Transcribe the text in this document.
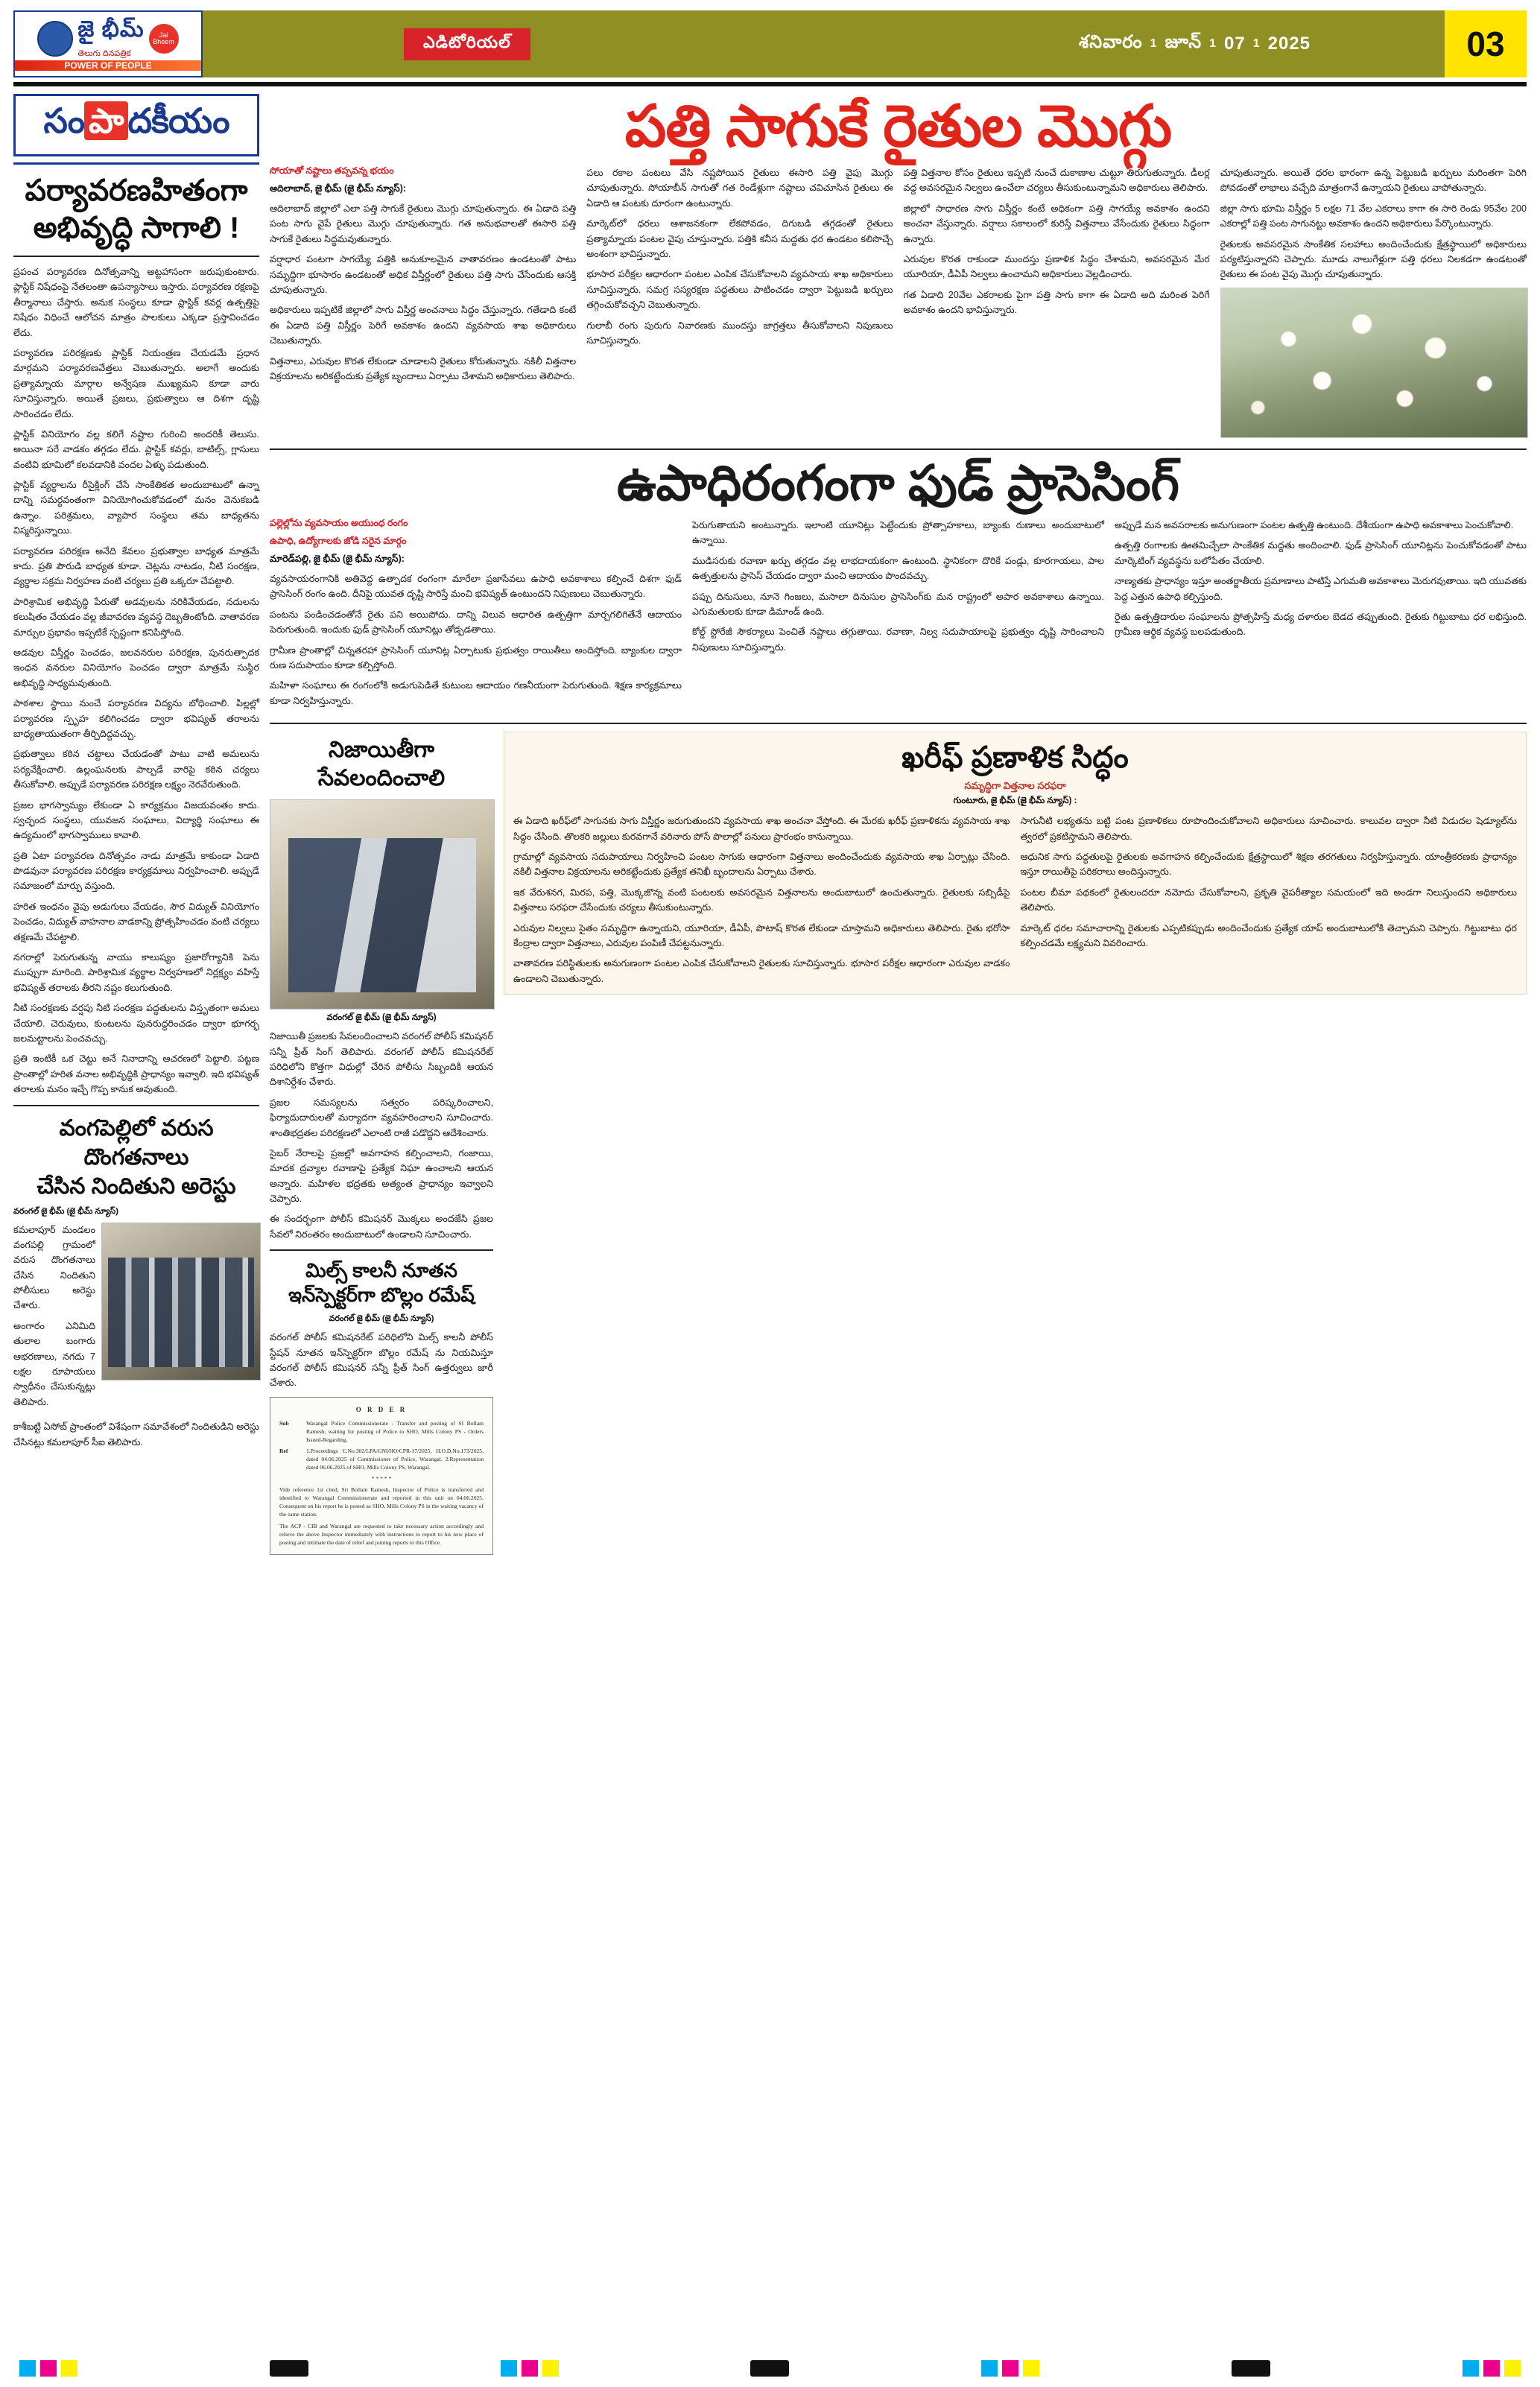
జై భీమ్
తెలుగు దినపత్రిక
Jai Bheem
POWER OF PEOPLE
ఎడిటోరియల్	శనివారం 1 జూన్ 1 07 1 2025	03
సం పా దకీయం
పర్యావరణహితంగా అభివృద్ధి సాగాలి !

ప్రపంచ పర్యావరణ దినోత్సవాన్ని అట్టహాసంగా జరుపుకుంటారు. ప్లాస్టిక్ నిషేధంపై నేతలంతా ఉపన్యాసాలు ఇస్తారు. పర్యావరణ రక్షణపై తీర్మానాలు చేస్తారు. అనుక సంస్థలు కూడా ప్లాస్టిక్ కవర్ల ఉత్పత్తిపై నిషేధం విధించే ఆలోచన మాత్రం పాలకులు ఎక్కడా ప్రస్తావించడం లేదు.

పర్యావరణ పరిరక్షణకు ప్లాస్టిక్ నియంత్రణ చేయడమే ప్రధాన మార్గమని పర్యావరణవేత్తలు చెబుతున్నారు. అలాగే అందుకు ప్రత్యామ్నాయ మార్గాల అన్వేషణ ముఖ్యమని కూడా వారు సూచిస్తున్నారు. అయితే ప్రజలు, ప్రభుత్వాలు ఆ దిశగా దృష్టి సారించడం లేదు.

ప్లాస్టిక్ వినియోగం వల్ల కలిగే నష్టాల గురించి అందరికీ తెలుసు. అయినా సరే వాడకం తగ్గడం లేదు. ప్లాస్టిక్ కవర్లు, బాటిల్స్, గ్లాసులు వంటివి భూమిలో కలవడానికి వందల ఏళ్ళు పడుతుంది.

ప్లాస్టిక్ వ్యర్థాలను రీసైక్లింగ్ చేసే సాంకేతికత అందుబాటులో ఉన్నా దాన్ని సమర్థవంతంగా వినియోగించుకోవడంలో మనం వెనుకబడి ఉన్నాం. పరిశ్రమలు, వ్యాపార సంస్థలు తమ బాధ్యతను విస్మరిస్తున్నాయి.

పర్యావరణ పరిరక్షణ అనేది కేవలం ప్రభుత్వాల బాధ్యత మాత్రమే కాదు. ప్రతి పౌరుడి బాధ్యత కూడా. చెట్లను నాటడం, నీటి సంరక్షణ, వ్యర్థాల సక్రమ నిర్వహణ వంటి చర్యలు ప్రతి ఒక్కరూ చేపట్టాలి.

పారిశ్రామిక అభివృద్ధి పేరుతో అడవులను నరికివేయడం, నదులను కలుషితం చేయడం వల్ల జీవావరణ వ్యవస్థ దెబ్బతింటోంది. వాతావరణ మార్పుల ప్రభావం ఇప్పటికే స్పష్టంగా కనిపిస్తోంది.

అడవుల విస్తీర్ణం పెంచడం, జలవనరుల పరిరక్షణ, పునరుత్పాదక ఇంధన వనరుల వినియోగం పెంచడం ద్వారా మాత్రమే సుస్థిర అభివృద్ధి సాధ్యమవుతుంది.

పాఠశాల స్థాయి నుంచే పర్యావరణ విద్యను బోధించాలి. పిల్లల్లో పర్యావరణ స్పృహ కలిగించడం ద్వారా భవిష్యత్ తరాలను బాధ్యతాయుతంగా తీర్చిదిద్దవచ్చు.

ప్రభుత్వాలు కఠిన చట్టాలు చేయడంతో పాటు వాటి అమలును పర్యవేక్షించాలి. ఉల్లంఘనలకు పాల్పడే వారిపై కఠిన చర్యలు తీసుకోవాలి. అప్పుడే పర్యావరణ పరిరక్షణ లక్ష్యం నెరవేరుతుంది.

ప్రజల భాగస్వామ్యం లేకుండా ఏ కార్యక్రమం విజయవంతం కాదు. స్వచ్ఛంద సంస్థలు, యువజన సంఘాలు, విద్యార్థి సంఘాలు ఈ ఉద్యమంలో భాగస్వాములు కావాలి.

ప్రతి ఏటా పర్యావరణ దినోత్సవం నాడు మాత్రమే కాకుండా ఏడాది పొడవునా పర్యావరణ పరిరక్షణ కార్యక్రమాలు నిర్వహించాలి. అప్పుడే సమాజంలో మార్పు వస్తుంది.

హరిత ఇంధనం వైపు అడుగులు వేయడం, సౌర విద్యుత్ వినియోగం పెంచడం, విద్యుత్ వాహనాల వాడకాన్ని ప్రోత్సహించడం వంటి చర్యలు తక్షణమే చేపట్టాలి.

నగరాల్లో పెరుగుతున్న వాయు కాలుష్యం ప్రజారోగ్యానికి పెను ముప్పుగా మారింది. పారిశ్రామిక వ్యర్థాల నిర్వహణలో నిర్లక్ష్యం వహిస్తే భవిష్యత్ తరాలకు తీరని నష్టం కలుగుతుంది.

నీటి సంరక్షణకు వర్షపు నీటి సంరక్షణ పద్ధతులను విస్తృతంగా అమలు చేయాలి. చెరువులు, కుంటలను పునరుద్ధరించడం ద్వారా భూగర్భ జలమట్టాలను పెంచవచ్చు.

ప్రతి ఇంటికీ ఒక చెట్టు అనే నినాదాన్ని ఆచరణలో పెట్టాలి. పట్టణ ప్రాంతాల్లో హరిత వనాల అభివృద్ధికి ప్రాధాన్యం ఇవ్వాలి. ఇది భవిష్యత్ తరాలకు మనం ఇచ్చే గొప్ప కానుక అవుతుంది.

వంగపెల్లిలో వరుస దొంగతనాలు
చేసిన నిందితుని అరెస్టు
వరంగల్ జై భీమ్ (జై భీమ్ న్యూస్)

కమలాపూర్ మండలం వంగపల్లి గ్రామంలో వరుస దొంగతనాలు చేసిన నిందితుని పోలీసులు అరెస్టు చేశారు.

అంగారం ఎనిమిది తులాల బంగారు ఆభరణాలు, నగదు 7 లక్షల రూపాయలు స్వాధీనం చేసుకున్నట్లు తెలిపారు.

కాశీబట్టి ఏసోబ్ ప్రాంతంలో విశేషంగా సమావేశంలో నిందితుడిని అరెస్టు చేసినట్లు కమలాపూర్ సీఐ తెలిపారు.

పత్తి సాగుకే రైతుల మొగ్గు
సోయాతో నష్టాలు తప్పవన్న భయం
ఆదిలాబాద్, జై భీమ్ (జై భీమ్ న్యూస్):

ఆదిలాబాద్ జిల్లాలో ఎలా పత్తి సాగుకే రైతులు మొగ్గు చూపుతున్నారు. ఈ ఏడాది పత్తి పంట సాగు వైపే రైతులు మొగ్గు చూపుతున్నారు. గత అనుభవాలతో ఈసారి పత్తి సాగుకే రైతులు సిద్ధమవుతున్నారు.

వర్షాధార పంటగా సాగయ్యే పత్తికి అనుకూలమైన వాతావరణం ఉండటంతో పాటు సమృద్ధిగా భూసారం ఉండటంతో అధిక విస్తీర్ణంలో రైతులు పత్తి సాగు చేసేందుకు ఆసక్తి చూపుతున్నారు.

అధికారులు ఇప్పటికే జిల్లాలో సాగు విస్తీర్ణ అంచనాలు సిద్ధం చేస్తున్నారు. గతేడాది కంటే ఈ ఏడాది పత్తి విస్తీర్ణం పెరిగే అవకాశం ఉందని వ్యవసాయ శాఖ అధికారులు చెబుతున్నారు.

విత్తనాలు, ఎరువుల కొరత లేకుండా చూడాలని రైతులు కోరుతున్నారు. నకిలీ విత్తనాల విక్రయాలను అరికట్టేందుకు ప్రత్యేక బృందాలు ఏర్పాటు చేశామని అధికారులు తెలిపారు.

పలు రకాల పంటలు వేసి నష్టపోయిన రైతులు ఈసారి పత్తి వైపు మొగ్గు చూపుతున్నారు. సోయాబీన్ సాగుతో గత రెండేళ్లుగా నష్టాలు చవిచూసిన రైతులు ఈ ఏడాది ఆ పంటకు దూరంగా ఉంటున్నారు.

మార్కెట్‌లో ధరలు ఆశాజనకంగా లేకపోవడం, దిగుబడి తగ్గడంతో రైతులు ప్రత్యామ్నాయ పంటల వైపు చూస్తున్నారు. పత్తికి కనీస మద్దతు ధర ఉండటం కలిసొచ్చే అంశంగా భావిస్తున్నారు.

భూసార పరీక్షల ఆధారంగా పంటల ఎంపిక చేసుకోవాలని వ్యవసాయ శాఖ అధికారులు సూచిస్తున్నారు. సమగ్ర సస్యరక్షణ పద్ధతులు పాటించడం ద్వారా పెట్టుబడి ఖర్చులు తగ్గించుకోవచ్చని చెబుతున్నారు.

గులాబీ రంగు పురుగు నివారణకు ముందస్తు జాగ్రత్తలు తీసుకోవాలని నిపుణులు సూచిస్తున్నారు.

పత్తి విత్తనాల కోసం రైతులు ఇప్పటి నుంచే దుకాణాల చుట్టూ తిరుగుతున్నారు. డీలర్ల వద్ద అవసరమైన నిల్వలు ఉంచేలా చర్యలు తీసుకుంటున్నామని అధికారులు తెలిపారు.

జిల్లాలో సాధారణ సాగు విస్తీర్ణం కంటే అధికంగా పత్తి సాగయ్యే అవకాశం ఉందని అంచనా వేస్తున్నారు. వర్షాలు సకాలంలో కురిస్తే విత్తనాలు వేసేందుకు రైతులు సిద్ధంగా ఉన్నారు.

ఎరువుల కొరత రాకుండా ముందస్తు ప్రణాళిక సిద్ధం చేశామని, అవసరమైన మేర యూరియా, డీఏపీ నిల్వలు ఉంచామని అధికారులు వెల్లడించారు.

గత ఏడాది 20వేల ఎకరాలకు పైగా పత్తి సాగు కాగా ఈ ఏడాది అది మరింత పెరిగే అవకాశం ఉందని భావిస్తున్నారు.

చూపుతున్నారు. అయితే ధరల భారంగా ఉన్న పెట్టుబడి ఖర్చులు మరింతగా పెరిగి పోవడంతో లాభాలు వచ్చేది మాత్రంగానే ఉన్నాయని రైతులు వాపోతున్నారు.

జిల్లా సాగు భూమి విస్తీర్ణం 5 లక్షల 71 వేల ఎకరాలు కాగా ఈ సారి రెండు 95వేల 200 ఎకరాల్లో పత్తి పంట సాగునట్టు అవకాశం ఉందని అధికారులు పేర్కొంటున్నారు.

రైతులకు అవసరమైన సాంకేతిక సలహాలు అందించేందుకు క్షేత్రస్థాయిలో అధికారులు పర్యటిస్తున్నారని చెప్పారు. మూడు నాలుగేళ్లుగా పత్తి ధరలు నిలకడగా ఉండటంతో రైతులు ఈ పంట వైపు మొగ్గు చూపుతున్నారు.

ఉపాధిరంగంగా ఫుడ్ ప్రాసెసింగ్
పల్లెల్లోను వ్యవసాయం అయుంధ రంగం
ఉపాధి, ఉద్యోగాలకు జోడి సరైన మార్గం
మారెడ్‌పల్లి, జై భీమ్ (జై భీమ్ న్యూస్):

వ్యవసాయరంగానికి అతివెద్ద ఉత్పాదక రంగంగా మారేలా ప్రజాసేవలు ఉపాధి అవకాశాలు కల్పించే దిశగా ఫుడ్ ప్రాసెసింగ్ రంగం ఉంది. దీనిపై యువత దృష్టి సారిస్తే మంచి భవిష్యత్ ఉంటుందని నిపుణులు చెబుతున్నారు.

పంటను పండించడంతోనే రైతు పని అయిపోదు. దాన్ని విలువ ఆధారిత ఉత్పత్తిగా మార్చగలిగితేనే ఆదాయం పెరుగుతుంది. ఇందుకు ఫుడ్ ప్రాసెసింగ్ యూనిట్లు తోడ్పడతాయి.

గ్రామీణ ప్రాంతాల్లో చిన్నతరహా ప్రాసెసింగ్ యూనిట్ల ఏర్పాటుకు ప్రభుత్వం రాయితీలు అందిస్తోంది. బ్యాంకుల ద్వారా రుణ సదుపాయం కూడా కల్పిస్తోంది.

మహిళా సంఘాలు ఈ రంగంలోకి అడుగుపెడితే కుటుంబ ఆదాయం గణనీయంగా పెరుగుతుంది. శిక్షణ కార్యక్రమాలు కూడా నిర్వహిస్తున్నారు.

పెరుగుతాయని అంటున్నారు. ఇలాంటి యూనిట్లు పెట్టేందుకు ప్రోత్సాహకాలు, బ్యాంకు రుణాలు అందుబాటులో ఉన్నాయి.

ముడిసరుకు రవాణా ఖర్చు తగ్గడం వల్ల లాభదాయకంగా ఉంటుంది. స్థానికంగా దొరికే పండ్లు, కూరగాయలు, పాల ఉత్పత్తులను ప్రాసెస్ చేయడం ద్వారా మంచి ఆదాయం పొందవచ్చు.

పప్పు దినుసులు, నూనె గింజలు, మసాలా దినుసుల ప్రాసెసింగ్‌కు మన రాష్ట్రంలో అపార అవకాశాలు ఉన్నాయి. ఎగుమతులకు కూడా డిమాండ్ ఉంది.

కోల్డ్ స్టోరేజీ సౌకర్యాలు పెంచితే నష్టాలు తగ్గుతాయి. రవాణా, నిల్వ సదుపాయాలపై ప్రభుత్వం దృష్టి సారించాలని నిపుణులు సూచిస్తున్నారు.

అప్పుడే మన అవసరాలకు అనుగుణంగా పంటల ఉత్పత్తి ఉంటుంది. దేశీయంగా ఉపాధి అవకాశాలు పెంచుకోవాలి.

ఉత్పత్తి రంగాలకు ఊతమిచ్చేలా సాంకేతిక మద్దతు అందించాలి. ఫుడ్ ప్రాసెసింగ్ యూనిట్లను పెంచుకోవడంతో పాటు మార్కెటింగ్ వ్యవస్థను బలోపేతం చేయాలి.

నాణ్యతకు ప్రాధాన్యం ఇస్తూ అంతర్జాతీయ ప్రమాణాలు పాటిస్తే ఎగుమతి అవకాశాలు మెరుగవుతాయి. ఇది యువతకు పెద్ద ఎత్తున ఉపాధి కల్పిస్తుంది.

రైతు ఉత్పత్తిదారుల సంఘాలను ప్రోత్సహిస్తే మధ్య దళారుల బెడద తప్పుతుంది. రైతుకు గిట్టుబాటు ధర లభిస్తుంది. గ్రామీణ ఆర్థిక వ్యవస్థ బలపడుతుంది.

నిజాయితీగా సేవలందించాలి
వరంగల్ జై భీమ్ (జై భీమ్ న్యూస్)

నిజాయితీ ప్రజలకు సేవలందించాలని వరంగల్ పోలీస్ కమిషనర్ సన్నీ ప్రీత్ సింగ్ తెలిపారు. వరంగల్ పోలీస్ కమిషనరేట్ పరిధిలోని కొత్తగా విధుల్లో చేరిన పోలీసు సిబ్బందికి ఆయన దిశానిర్దేశం చేశారు.

ప్రజల సమస్యలను సత్వరం పరిష్కరించాలని, ఫిర్యాదుదారులతో మర్యాదగా వ్యవహరించాలని సూచించారు. శాంతిభద్రతల పరిరక్షణలో ఎలాంటి రాజీ పడొద్దని ఆదేశించారు.

సైబర్ నేరాలపై ప్రజల్లో అవగాహన కల్పించాలని, గంజాయి, మాదక ద్రవ్యాల రవాణాపై ప్రత్యేక నిఘా ఉంచాలని ఆయన అన్నారు. మహిళల భద్రతకు అత్యంత ప్రాధాన్యం ఇవ్వాలని చెప్పారు.

ఈ సందర్భంగా పోలీస్ కమిషనర్ మొక్కలు అందజేసి ప్రజల సేవలో నిరంతరం అందుబాటులో ఉండాలని సూచించారు.

మిల్స్ కాలనీ నూతన
ఇన్‌స్పెక్టర్‌గా బొల్లం రమేష్
వరంగల్ జై భీమ్ (జై భీమ్ న్యూస్)

వరంగల్ పోలీస్ కమిషనరేట్ పరిధిలోని మిల్స్ కాలనీ పోలీస్ స్టేషన్ నూతన ఇన్‌స్పెక్టర్‌గా బొల్లం రమేష్ ను నియమిస్తూ వరంగల్ పోలీస్ కమిషనర్ సన్నీ ప్రీత్ సింగ్ ఉత్తర్వులు జారీ చేశారు.

O R D E R
Sub	Warangal Police Commissionerate - Transfer and posting of SI Bollam Ramesh, waiting for posting of Police to SHO, Mills Colony PS - Orders Issued-Regarding.
Ref	1.Proceedings C.No.302/LPA/GNI/HO/CPR-17/2025, H.O.D.No.173/2025, dated 04.06.2025 of Commissioner of Police, Warangal. 2.Representation dated 06.06.2025 of SHO, Mills Colony PS, Warangal.
* * * * *
Vide reference 1st cited, Sri Bollam Ramesh, Inspector of Police is transferred and identified to Warangal Commissionerate and reported in this unit on 04.06.2025. Consequent on his report he is posted as SHO, Mills Colony PS in the waiting vacancy of the same station.
The ACP - CIB and Warangal are requested to take necessary action accordingly and relieve the above Inspector immediately with instructions to report to his new place of posting and intimate the date of relief and joining reports to this Office.
ఖరీఫ్ ప్రణాళిక సిద్ధం
సమృద్ధిగా విత్తనాల సరఫరా
గుంటూరు, జై భీమ్ (జై భీమ్ న్యూస్) :

ఈ ఏడాది ఖరీఫ్‌లో సాగునకు సాగు విస్తీర్ణం జరుగుతుందని వ్యవసాయ శాఖ అంచనా వేస్తోంది. ఈ మేరకు ఖరీఫ్ ప్రణాళికను వ్యవసాయ శాఖ సిద్ధం చేసింది. తొలకరి జల్లులు కురవగానే వరినారు పోసే పొలాల్లో పనులు ప్రారంభం కానున్నాయి.

గ్రామాల్లో వ్యవసాయ సదుపాయాలు నిర్వహించి పంటల సాగుకు ఆధారంగా విత్తనాలు అందించేందుకు వ్యవసాయ శాఖ ఏర్పాట్లు చేసింది. నకిలీ విత్తనాల విక్రయాలను అరికట్టేందుకు ప్రత్యేక తనిఖీ బృందాలను ఏర్పాటు చేశారు.

ఇక వేరుశనగ, మిరప, పత్తి, మొక్కజొన్న వంటి పంటలకు అవసరమైన విత్తనాలను అందుబాటులో ఉంచుతున్నారు. రైతులకు సబ్సిడీపై విత్తనాలు సరఫరా చేసేందుకు చర్యలు తీసుకుంటున్నారు.

ఎరువుల నిల్వలు సైతం సమృద్ధిగా ఉన్నాయని, యూరియా, డీఏపీ, పొటాష్ కొరత లేకుండా చూస్తామని అధికారులు తెలిపారు. రైతు భరోసా కేంద్రాల ద్వారా విత్తనాలు, ఎరువుల పంపిణీ చేపట్టనున్నారు.

వాతావరణ పరిస్థితులకు అనుగుణంగా పంటల ఎంపిక చేసుకోవాలని రైతులకు సూచిస్తున్నారు. భూసార పరీక్షల ఆధారంగా ఎరువుల వాడకం ఉండాలని చెబుతున్నారు.

సాగునీటి లభ్యతను బట్టి పంట ప్రణాళికలు రూపొందించుకోవాలని అధికారులు సూచించారు. కాలువల ద్వారా నీటి విడుదల షెడ్యూల్‌ను త్వరలో ప్రకటిస్తామని తెలిపారు.

ఆధునిక సాగు పద్ధతులపై రైతులకు అవగాహన కల్పించేందుకు క్షేత్రస్థాయిలో శిక్షణ తరగతులు నిర్వహిస్తున్నారు. యాంత్రీకరణకు ప్రాధాన్యం ఇస్తూ రాయితీపై పరికరాలు అందిస్తున్నారు.

పంటల బీమా పథకంలో రైతులందరూ నమోదు చేసుకోవాలని, ప్రకృతి వైపరీత్యాల సమయంలో ఇది అండగా నిలుస్తుందని అధికారులు తెలిపారు.

మార్కెట్ ధరల సమాచారాన్ని రైతులకు ఎప్పటికప్పుడు అందించేందుకు ప్రత్యేక యాప్ అందుబాటులోకి తెచ్చామని చెప్పారు. గిట్టుబాటు ధర కల్పించడమే లక్ష్యమని వివరించారు.
